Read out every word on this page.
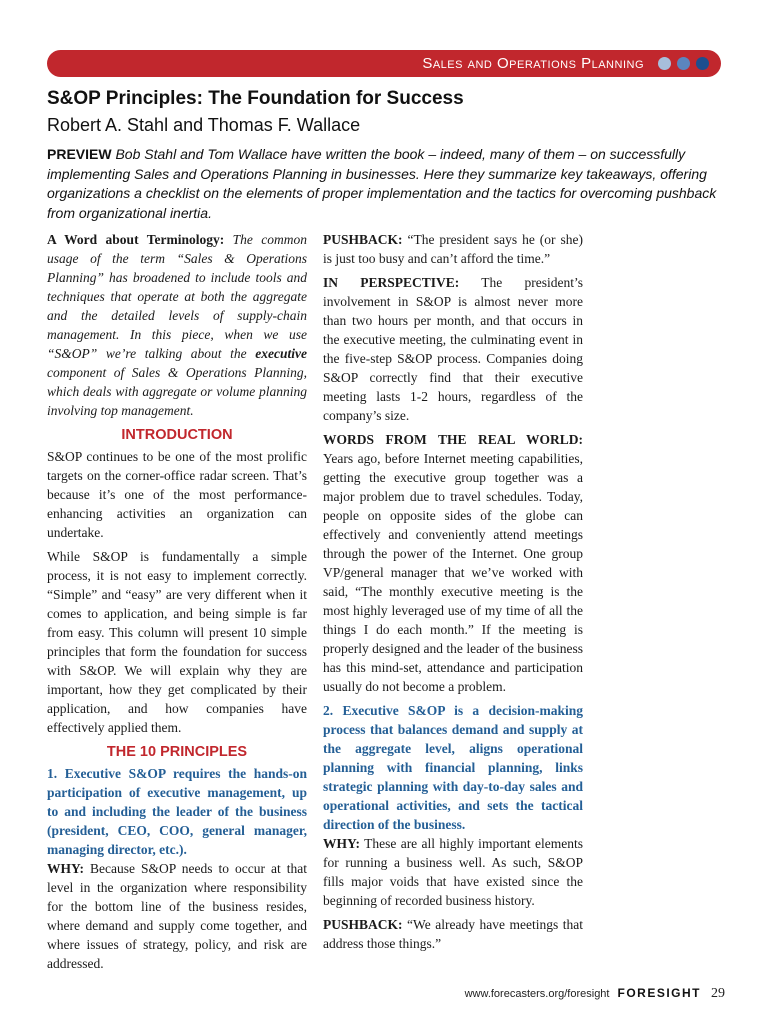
Sales and Operations Planning
S&OP Principles: The Foundation for Success

Robert A. Stahl and Thomas F. Wallace

PREVIEW Bob Stahl and Tom Wallace have written the book – indeed, many of them – on successfully implementing Sales and Operations Planning in businesses. Here they summarize key takeaways, offering organizations a checklist on the elements of proper implementation and the tactics for overcoming pushback from organizational inertia.

A Word about Terminology: The common usage of the term “Sales & Operations Planning” has broadened to include tools and techniques that operate at both the aggregate and the detailed levels of supply-chain management. In this piece, when we use “S&OP” we’re talking about the executive component of Sales & Operations Planning, which deals with aggregate or volume planning involving top management.

INTRODUCTION

S&OP continues to be one of the most prolific targets on the corner-office radar screen. That’s because it’s one of the most performance-enhancing activities an organization can undertake.

While S&OP is fundamentally a simple process, it is not easy to implement correctly. “Simple” and “easy” are very different when it comes to application, and being simple is far from easy. This column will present 10 simple principles that form the foundation for success with S&OP. We will explain why they are important, how they get complicated by their application, and how companies have effectively applied them.

THE 10 PRINCIPLES

1. Executive S&OP requires the hands-on participation of executive management, up to and including the leader of the business (president, CEO, COO, general manager, managing director, etc.).

WHY: Because S&OP needs to occur at that level in the organization where responsibility for the bottom line of the business resides, where demand and supply come together, and where issues of strategy, policy, and risk are addressed.

PUSHBACK: “The president says he (or she) is just too busy and can’t afford the time.”

IN PERSPECTIVE: The president’s involvement in S&OP is almost never more than two hours per month, and that occurs in the executive meeting, the culminating event in the five-step S&OP process. Companies doing S&OP correctly find that their executive meeting lasts 1-2 hours, regardless of the company’s size.

WORDS FROM THE REAL WORLD: Years ago, before Internet meeting capabilities, getting the executive group together was a major problem due to travel schedules. Today, people on opposite sides of the globe can effectively and conveniently attend meetings through the power of the Internet. One group VP/general manager that we’ve worked with said, “The monthly executive meeting is the most highly leveraged use of my time of all the things I do each month.” If the meeting is properly designed and the leader of the business has this mind-set, attendance and participation usually do not become a problem.

2. Executive S&OP is a decision-making process that balances demand and supply at the aggregate level, aligns operational planning with financial planning, links strategic planning with day-to-day sales and operational activities, and sets the tactical direction of the business.

WHY: These are all highly important elements for running a business well. As such, S&OP fills major voids that have existed since the beginning of recorded business history.

PUSHBACK: “We already have meetings that address those things.”

www.forecasters.org/foresight FORESIGHT 29
